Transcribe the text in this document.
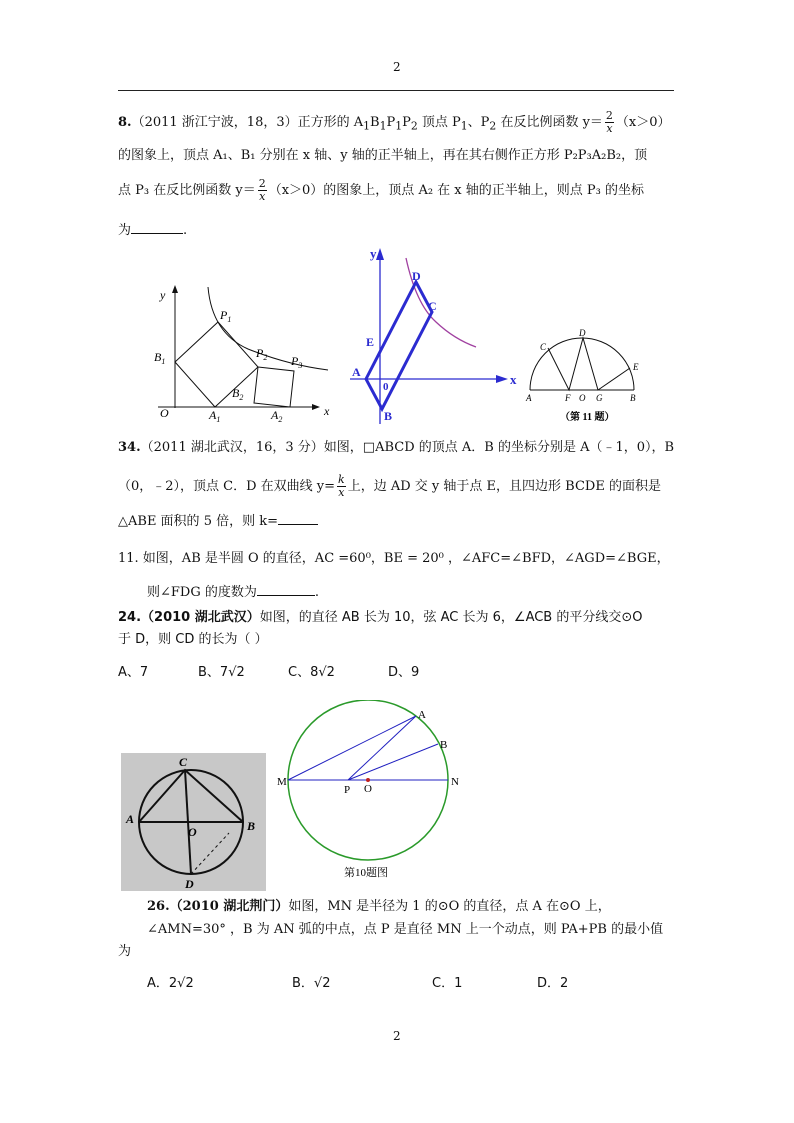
2
8.（2011 浙江宁波，18，3）正方形的 $A_1B_1P_1P_2$ 顶点 $P_1$、$P_2$ 在反比例函数 $y= \frac{2}{x} (x>0)$
的图象上，顶点 A₁、B₁ 分别在 x 轴、y 轴的正半轴上，再在其右侧作正方形 P₂P₃A₂B₂，顶
点 P₃ 在反比例函数 $y= \frac{2}{x} (x>0)$的图象上，顶点 A₂ 在 x 轴的正半轴上，则点 P₃ 的坐标
为	.
y
x
O
$P_1$
$P_2$ $P_3$
$B_1$
$B_2$
$A_1$	$A_2$
y
x
D
C
E
A
B
0
A	F O G	B
C
D
E
（第 11 题）
34.（2011 湖北武汉，16，3 分）如图，□ABCD 的顶点 A．B 的坐标分别是 A（﹣1，0），B
（0，﹣2），顶点 C．D 在双曲线 $y= \frac{k}{x}$ 上，边 AD 交 y 轴于点 E，且四边形 BCDE 的面积是
△ABE 面积的 5 倍，则 k=
11. 如图，AB 是半圆 O 的直径，AC =60⁰，BE = 20⁰ ，∠AFC=∠BFD，∠AGD=∠BGE，
则∠FDG 的度数为	.
24.（2010 湖北武汉）如图，的直径 AB 长为 10，弦 AC 长为 6，∠ACB 的平分线交⊙O
于 D，则 CD 的长为（ ）
A、7	B、7√2	C、8√2	D、9
C
A
O	B
D
A
B
M	N
P O
第10题图
26.（2010 湖北荆门）如图，MN 是半径为 1 的⊙O 的直径，点 A 在⊙O 上，
∠AMN=30° ，B 为 AN 弧的中点，点 P 是直径 MN 上一个动点，则 PA+PB 的最小值
为
A．2√2	B．√2	C．1	D．2
2
